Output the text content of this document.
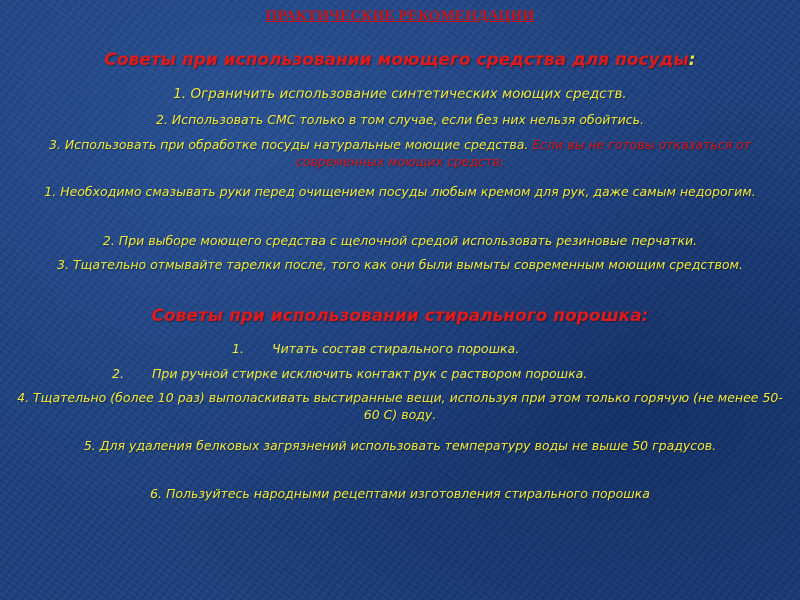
ПРАКТИЧЕСКИЕ РЕКОМЕНДАЦИИ
Советы при использовании моющего средства для посуды:
1. Ограничить использование синтетических моющих средств.
2. Использовать СМС только в том случае, если без них нельзя обойтись.
3. Использовать при обработке посуды натуральные моющие средства. Если вы не готовы отказаться от современных моющих средств:
1. Необходимо смазывать руки перед очищением посуды любым кремом для рук, даже самым недорогим.
2. При выборе моющего средства с щелочной средой использовать резиновые перчатки.
3. Тщательно отмывайте тарелки после, того как они были вымыты современным моющим средством.
Советы при использовании стирального порошка:
1. Читать состав стирального порошка.
2. При ручной стирке исключить контакт рук с раствором порошка.
4. Тщательно (более 10 раз) выполаскивать выстиранные вещи, используя при этом только горячую (не менее 50-60 С) воду.
5. Для удаления белковых загрязнений использовать температуру воды не выше 50 градусов.
6. Пользуйтесь народными рецептами изготовления стирального порошка
